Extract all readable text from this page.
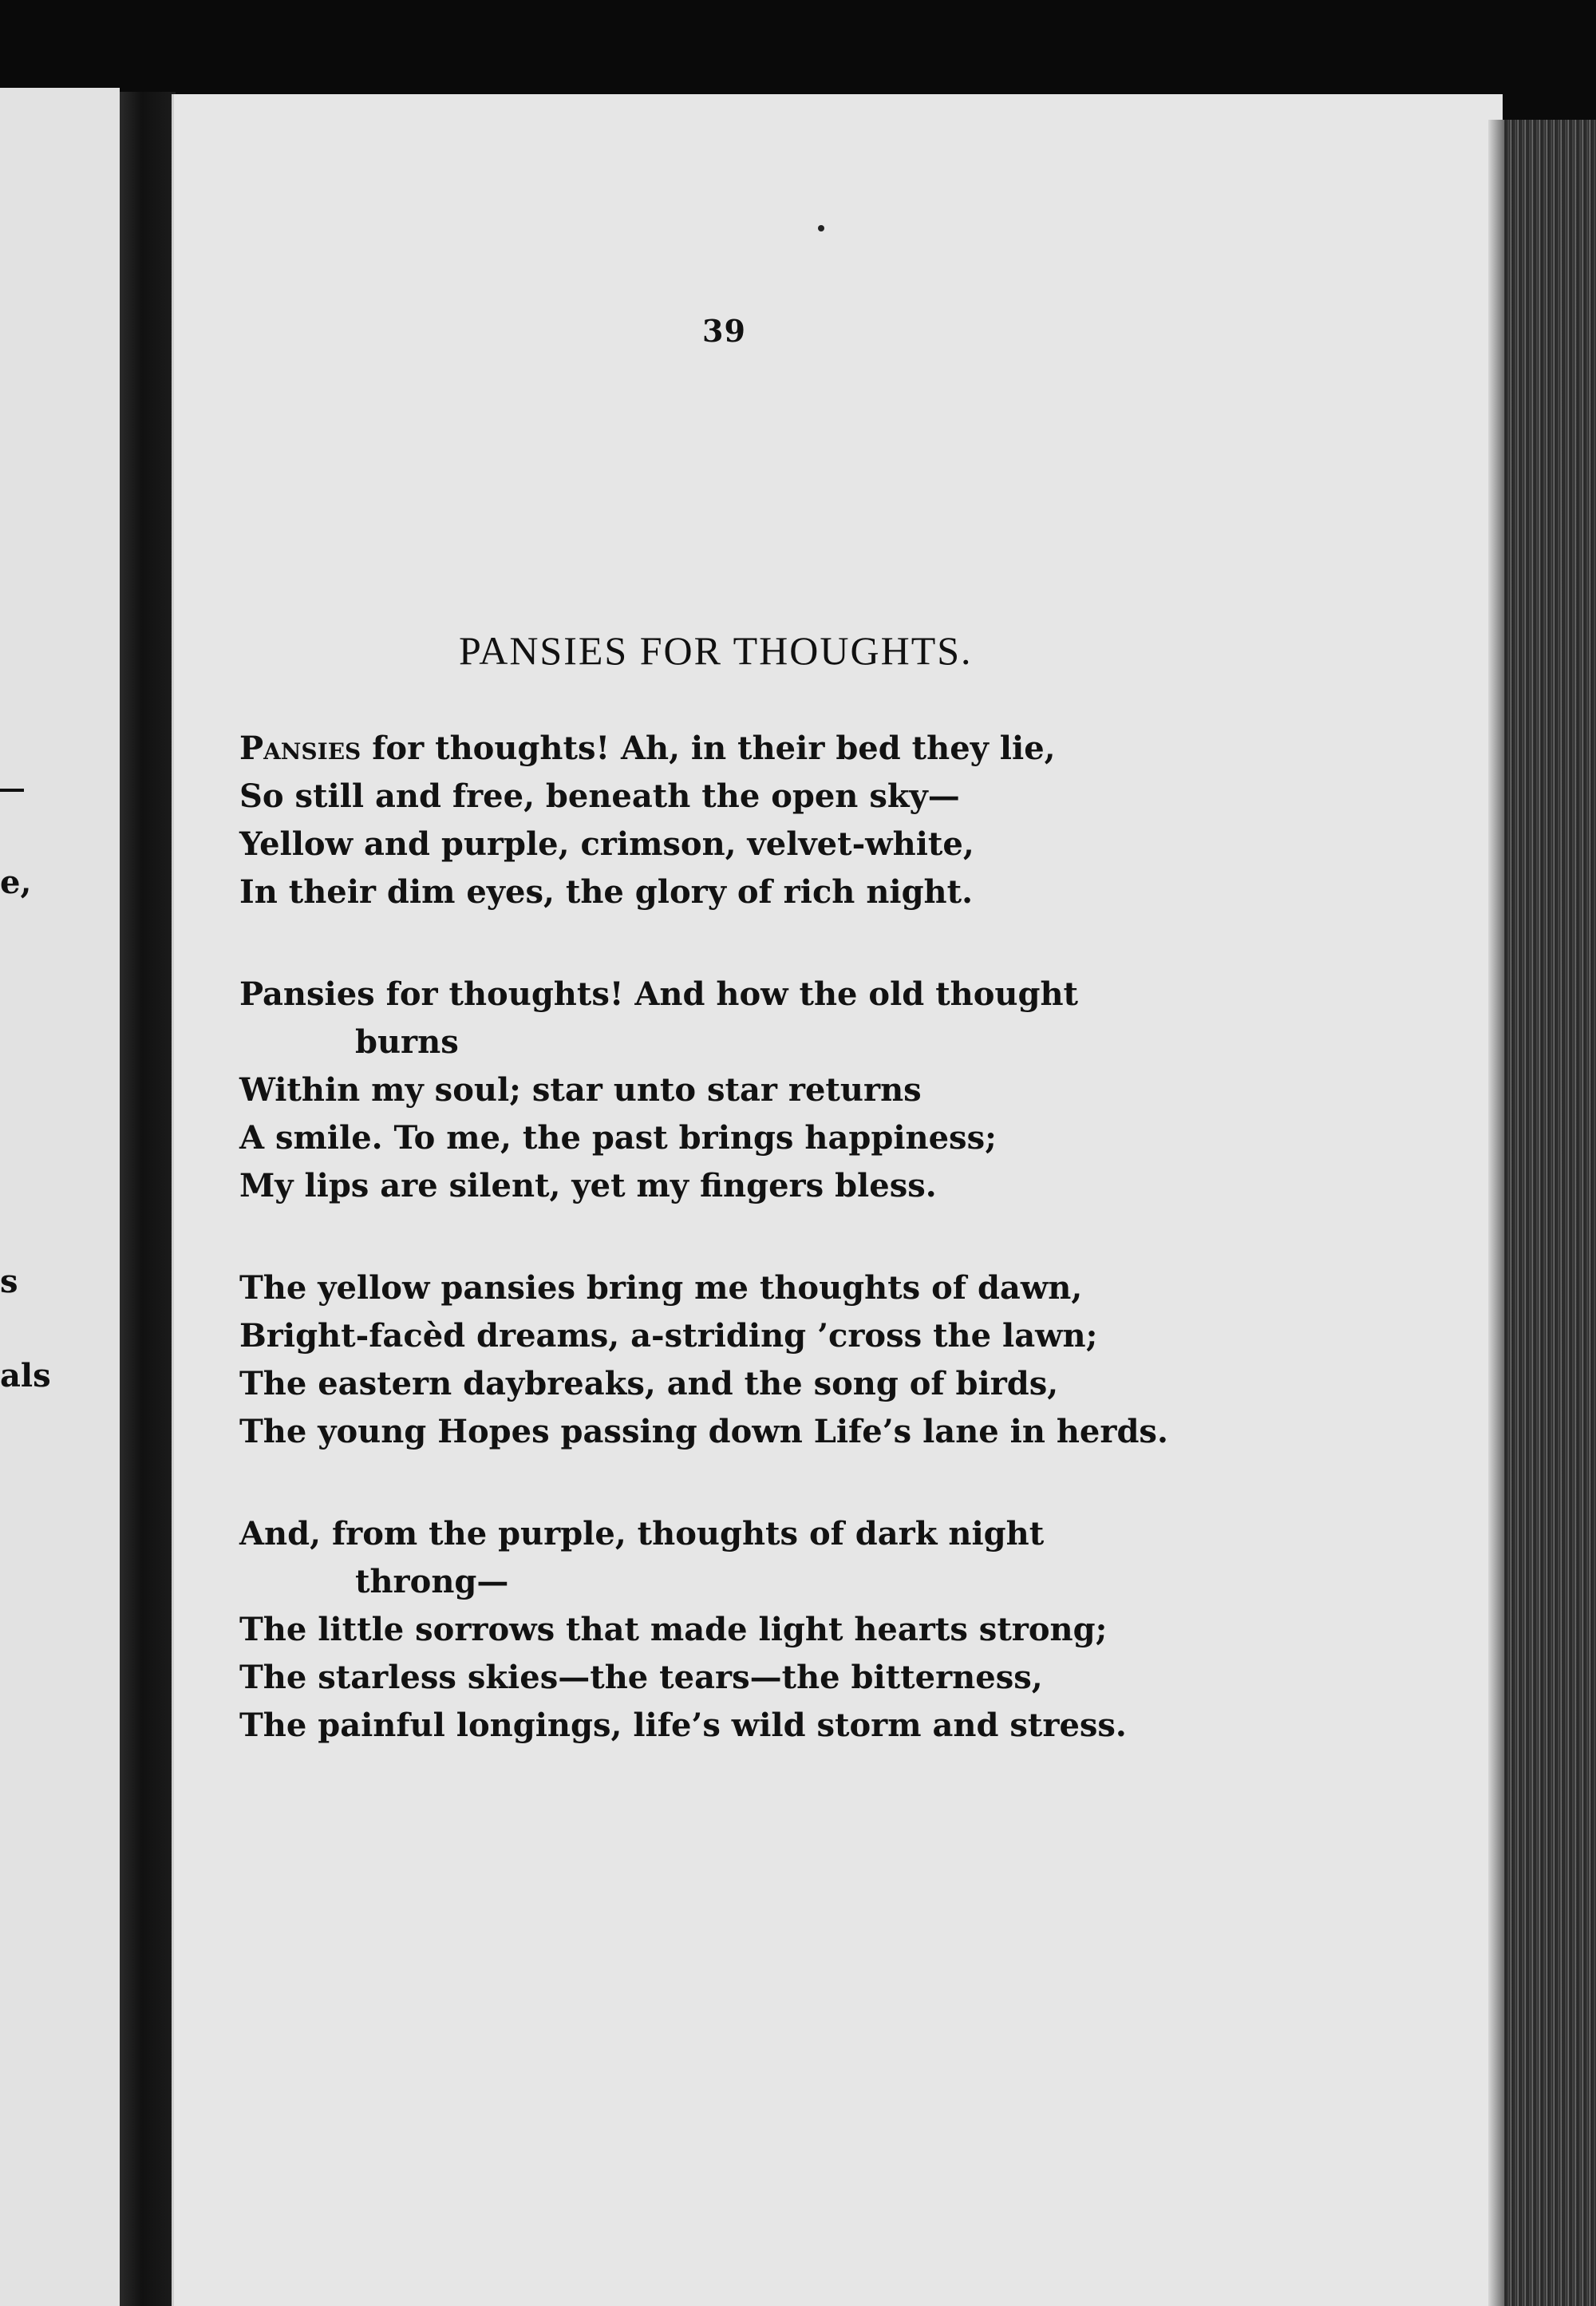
e,
s
als
39
PANSIES FOR THOUGHTS.
Pansies for thoughts! Ah, in their bed they lie,
So still and free, beneath the open sky—
Yellow and purple, crimson, velvet-white,
In their dim eyes, the glory of rich night.
Pansies for thoughts! And how the old thought
burns
Within my soul; star unto star returns
A smile. To me, the past brings happiness;
My lips are silent, yet my fingers bless.
The yellow pansies bring me thoughts of dawn,
Bright-facèd dreams, a-striding ’cross the lawn;
The eastern daybreaks, and the song of birds,
The young Hopes passing down Life’s lane in herds.
And, from the purple, thoughts of dark night
throng—
The little sorrows that made light hearts strong;
The starless skies—the tears—the bitterness,
The painful longings, life’s wild storm and stress.
